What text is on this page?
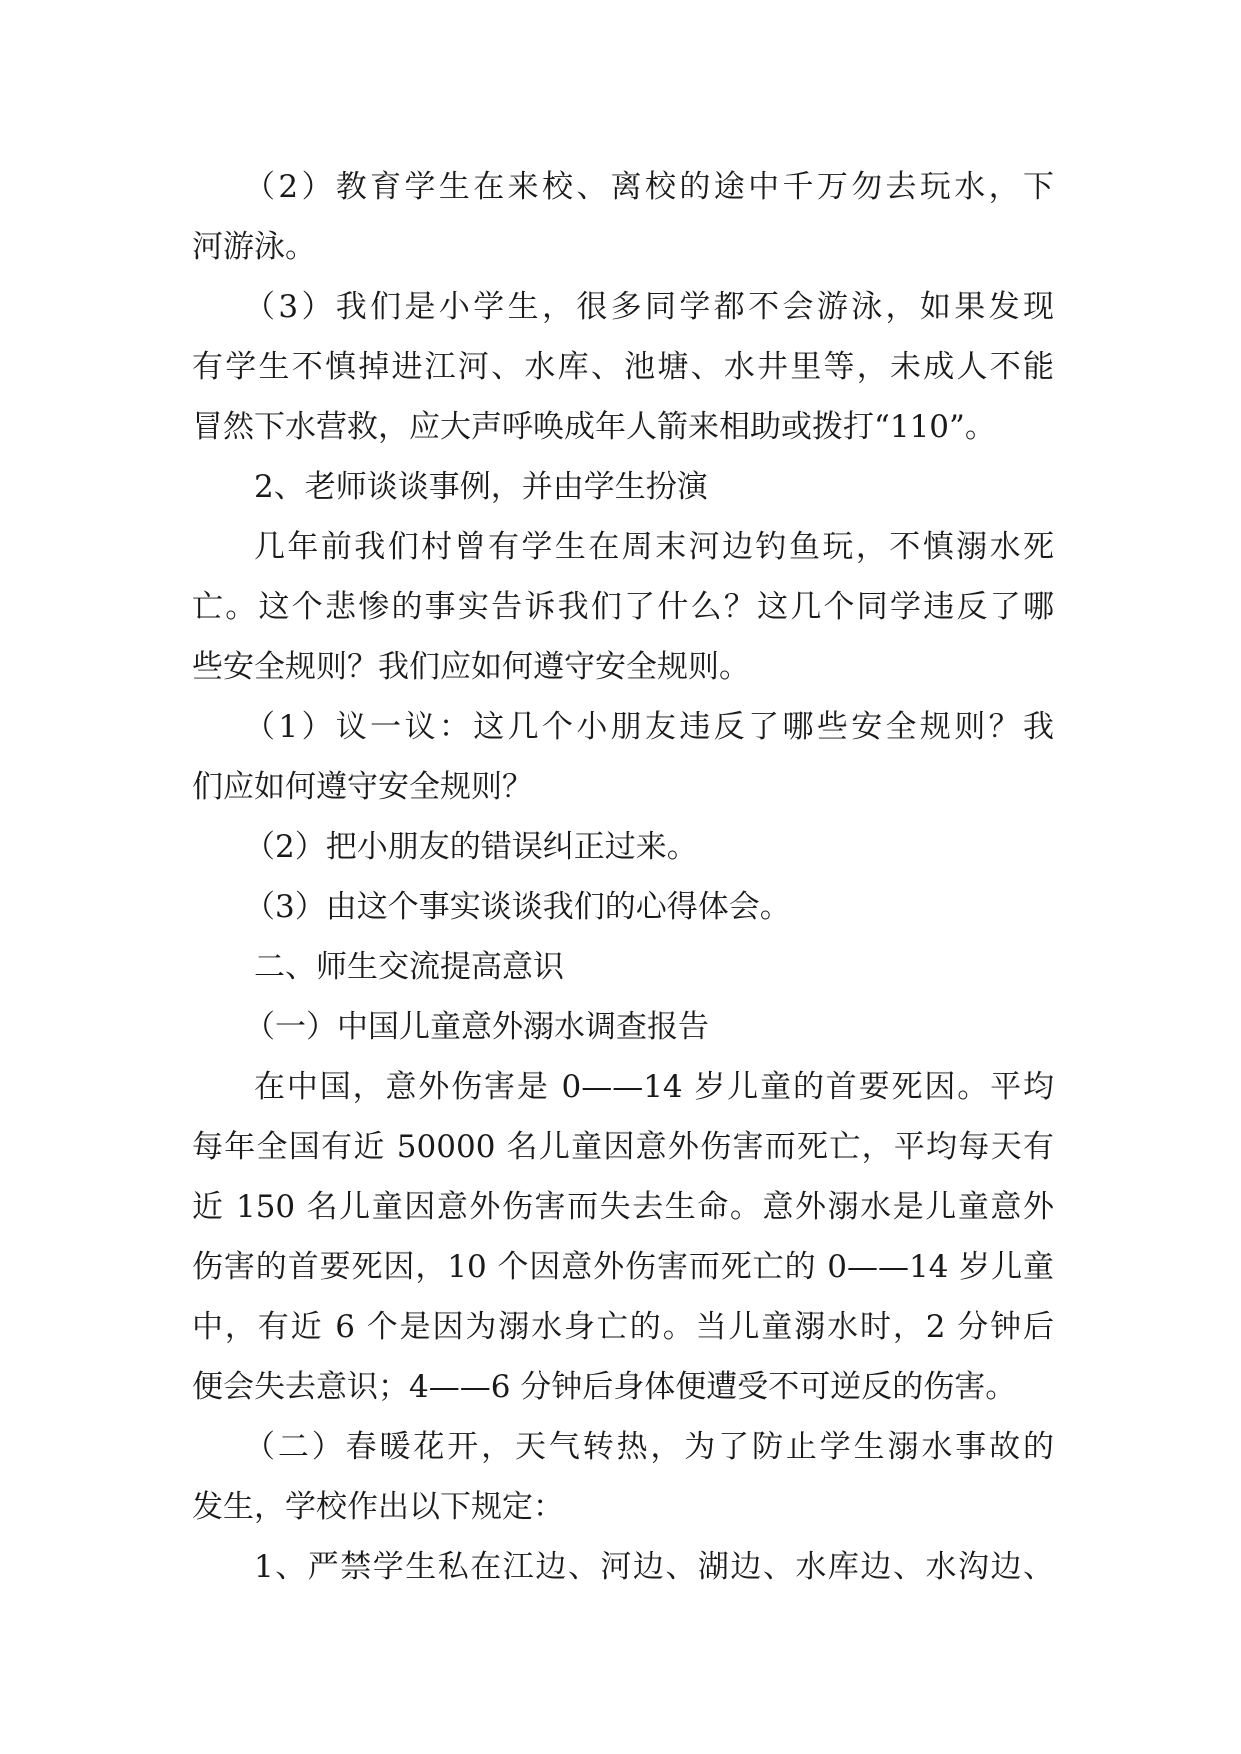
（2）教育学生在来校、离校的途中千万勿去玩水，下
河游泳。
（3）我们是小学生，很多同学都不会游泳，如果发现
有学生不慎掉进江河、水库、池塘、水井里等，未成人不能
冒然下水营救，应大声呼唤成年人箭来相助或拨打“110”。
2、老师谈谈事例，并由学生扮演
几年前我们村曾有学生在周末河边钓鱼玩，不慎溺水死
亡。这个悲惨的事实告诉我们了什么？这几个同学违反了哪
些安全规则？我们应如何遵守安全规则。
（1）议一议：这几个小朋友违反了哪些安全规则？我
们应如何遵守安全规则？
（2）把小朋友的错误纠正过来。
（3）由这个事实谈谈我们的心得体会。
二、师生交流提高意识
（一）中国儿童意外溺水调查报告
在中国，意外伤害是 0——14 岁儿童的首要死因。平均
每年全国有近 50000 名儿童因意外伤害而死亡，平均每天有
近 150 名儿童因意外伤害而失去生命。意外溺水是儿童意外
伤害的首要死因，10 个因意外伤害而死亡的 0——14 岁儿童
中，有近 6 个是因为溺水身亡的。当儿童溺水时，2 分钟后
便会失去意识；4——6 分钟后身体便遭受不可逆反的伤害。
（二）春暖花开，天气转热，为了防止学生溺水事故的
发生，学校作出以下规定：
1、严禁学生私在江边、河边、湖边、水库边、水沟边、
